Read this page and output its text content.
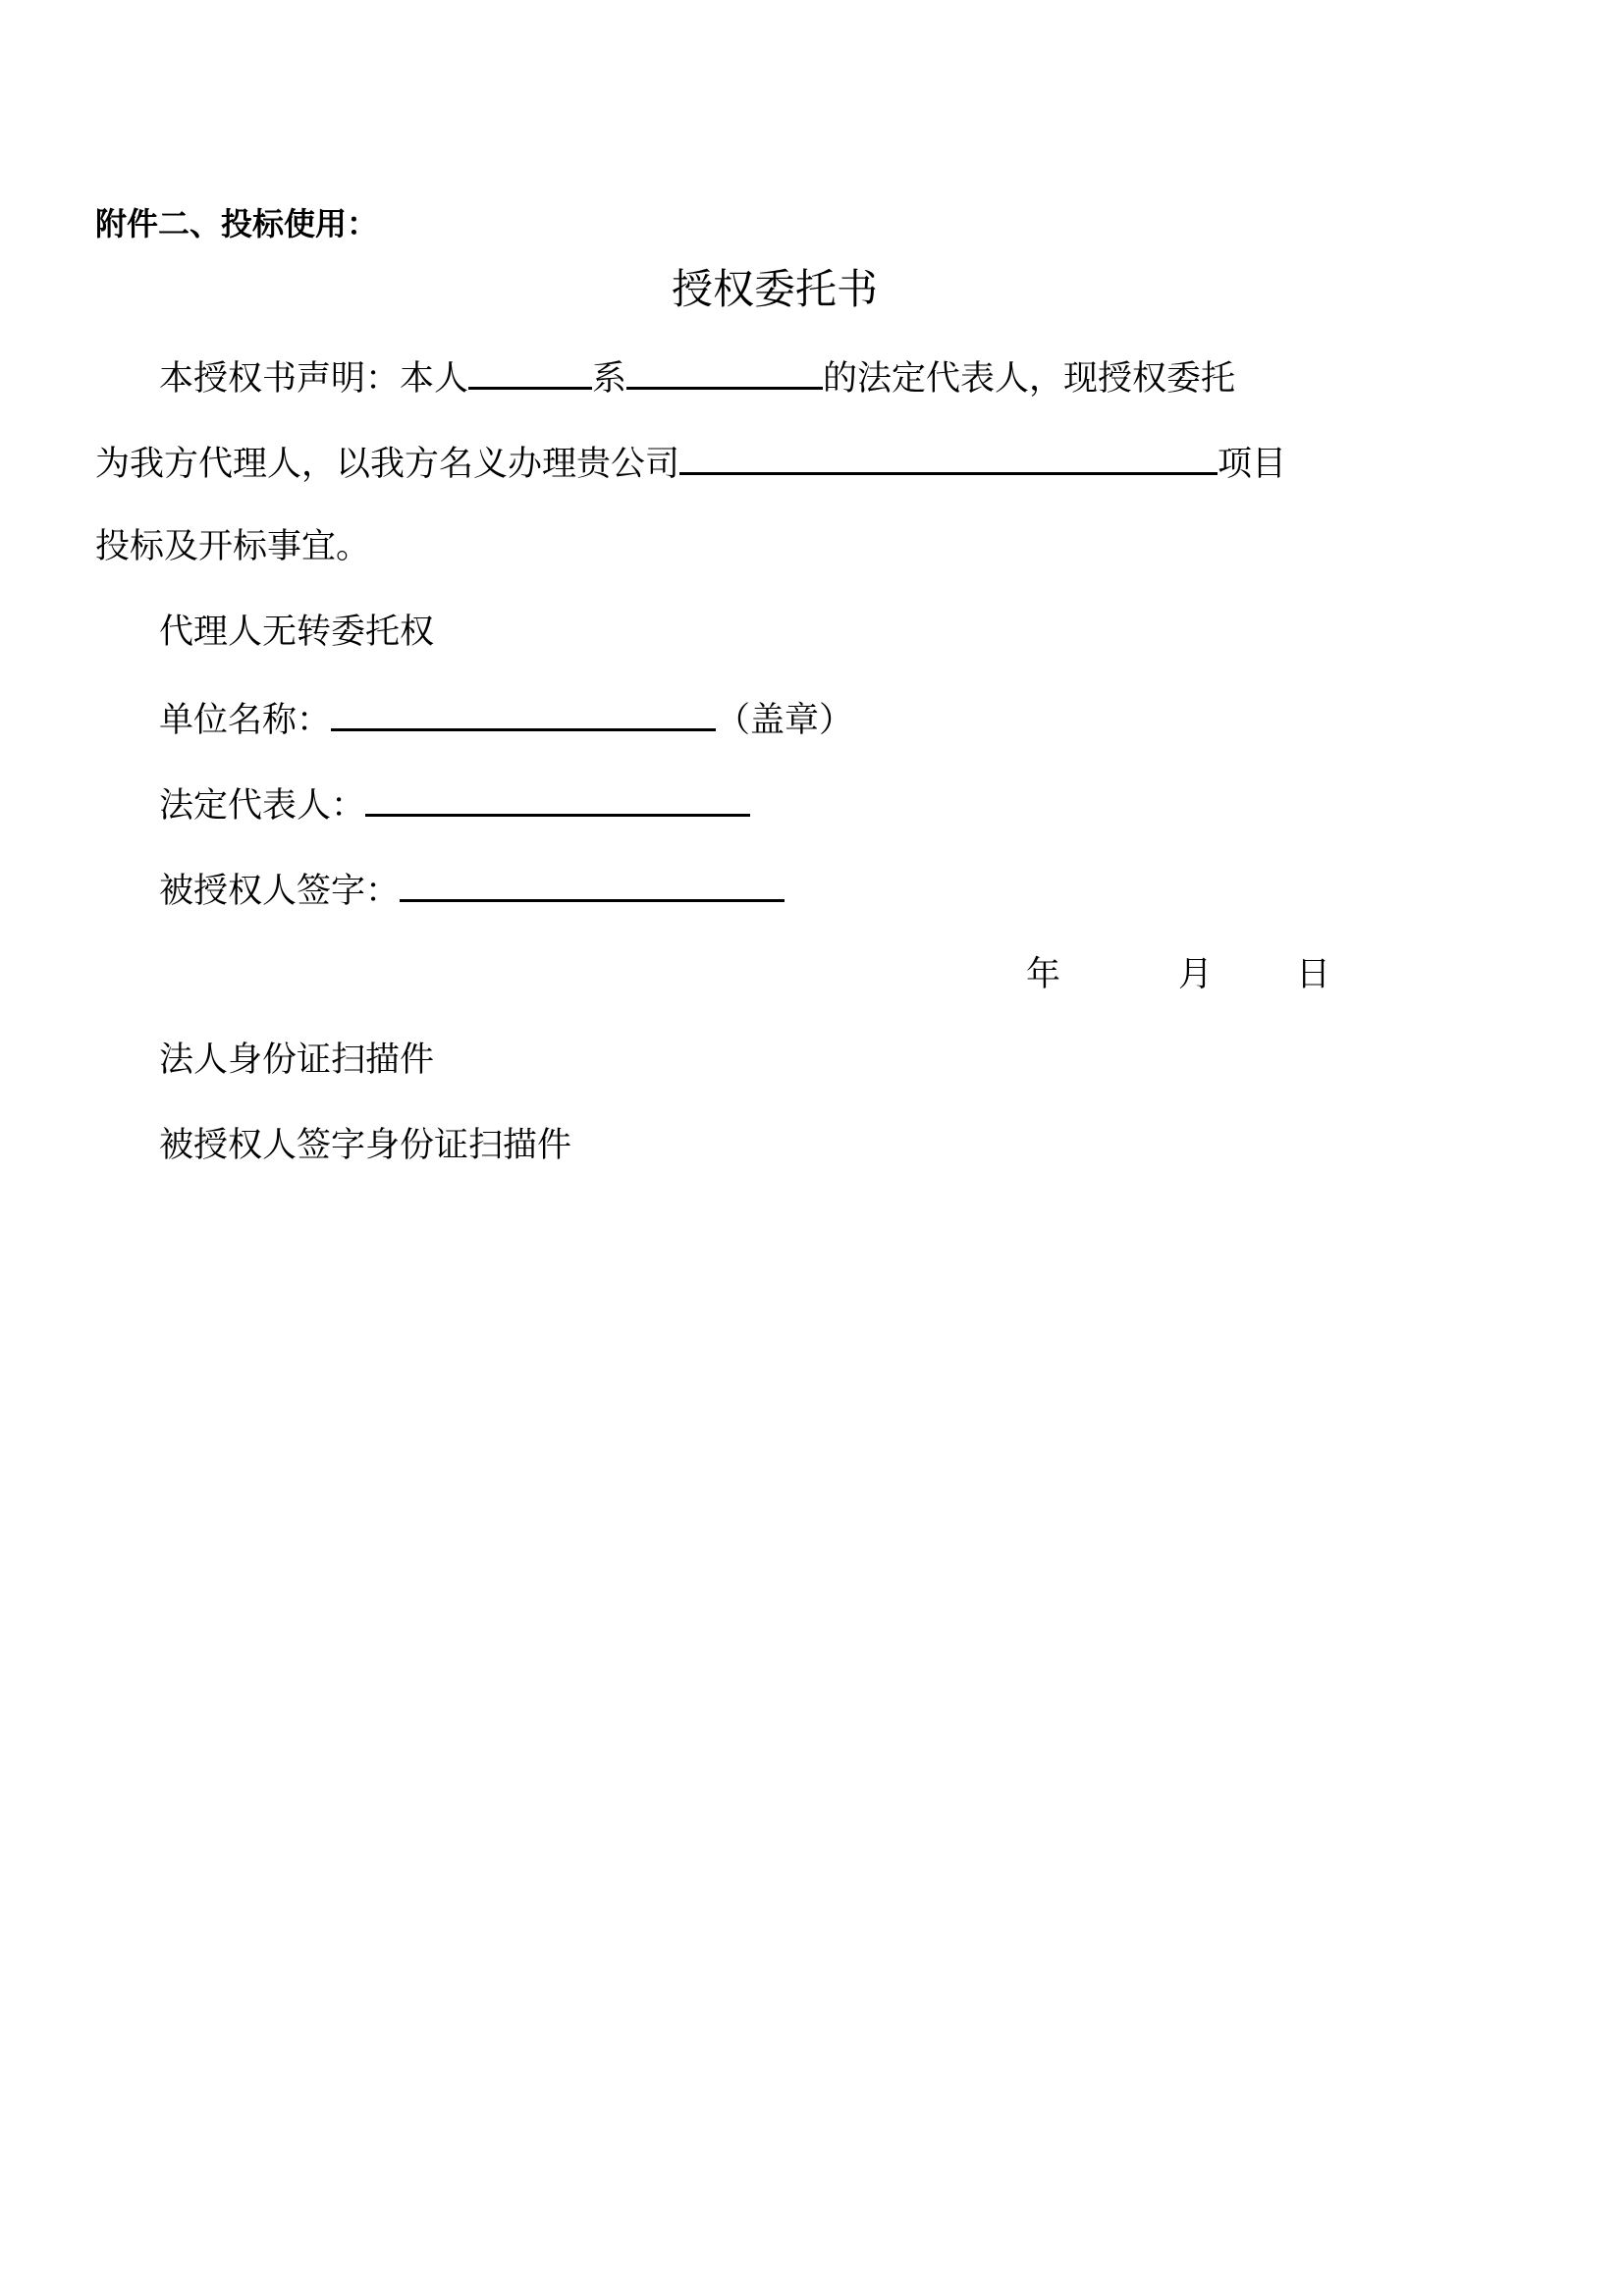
附件二、投标使用：
授权委托书
本授权书声明：本人	系	的法定代表人，现授权委托
为我方代理人，以我方名义办理贵公司	项目
投标及开标事宜。
代理人无转委托权
单位名称：	（盖章）
法定代表人：
被授权人签字：
年	月 日
法人身份证扫描件
被授权人签字身份证扫描件
